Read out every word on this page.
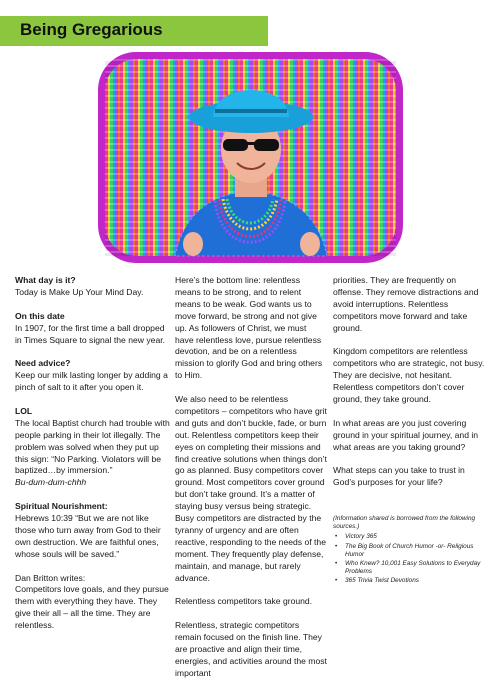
Being Gregarious

What day is it?
Today is Make Up Your Mind Day.

On this date
In 1907, for the first time a ball dropped in Times Square to signal the new year.

Need advice?
Keep our milk lasting longer by adding a pinch of salt to it after you open it.

LOL
The local Baptist church had trouble with people parking in their lot illegally. The problem was solved when they put up this sign: “No Parking. Violators will be baptized…by immersion.”
Bu-dum-dum-chhh

Spiritual Nourishment:
Hebrews 10:39 “But we are not like those who turn away from God to their own destruction. We are faithful ones, whose souls will be saved.”

Dan Britton writes:
Competitors love goals, and they pursue them with everything they have. They give their all – all the time. They are relentless.

Here’s the bottom line: relentless means to be strong, and to relent means to be weak. God wants us to move forward, be strong and not give up. As followers of Christ, we must have relentless love, pursue relentless devotion, and be on a relentless mission to glorify God and bring others to Him.

We also need to be relentless competitors – competitors who have grit and guts and don’t buckle, fade, or burn out. Relentless competitors keep their eyes on completing their missions and find creative solutions when things don’t go as planned. Busy competitors cover ground. Most competitors cover ground but don’t take ground. It’s a matter of staying busy versus being strategic. Busy competitors are distracted by the tyranny of urgency and are often reactive, responding to the needs of the moment. They frequently play defense, maintain, and manage, but rarely advance.

Relentless competitors take ground.

Relentless, strategic competitors remain focused on the finish line. They are proactive and align their time, energies, and activities around the most important

priorities. They are frequently on offense. They remove distractions and avoid interruptions. Relentless competitors move forward and take ground.

Kingdom competitors are relentless competitors who are strategic, not busy. They are decisive, not hesitant. Relentless competitors don’t cover ground, they take ground.

In what areas are you just covering ground in your spiritual journey, and in what areas are you taking ground?

What steps can you take to trust in God’s purposes for your life?

(Information shared is borrowed from the following sources.)
• Victory 365
• The Big Book of Church Humor -or- Religious Humor
• Who Knew? 10,001 Easy Solutions to Everyday Problems
• 365 Trivia Twist Devotions
